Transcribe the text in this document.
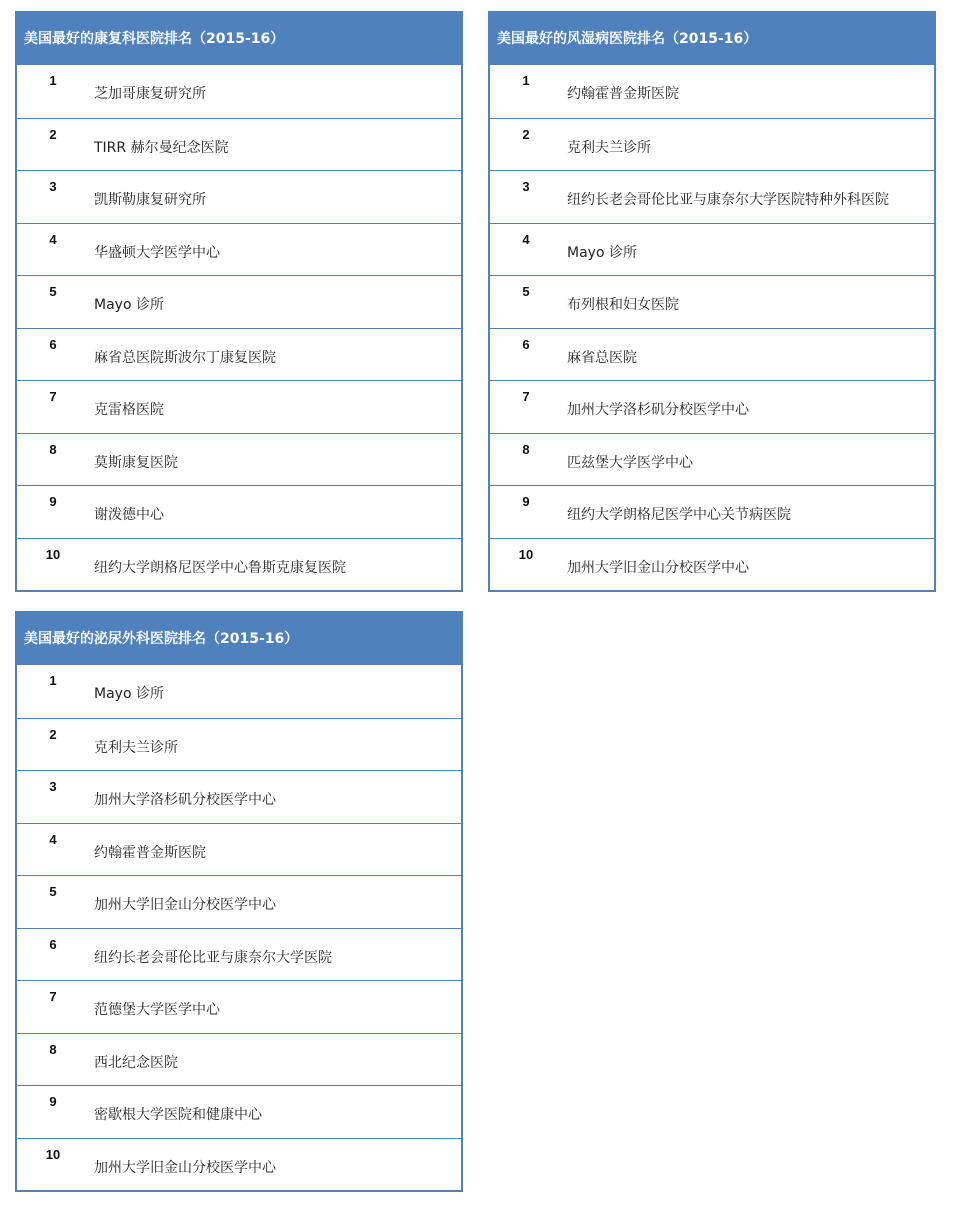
美国最好的康复科医院排名（2015-16）
1
芝加哥康复研究所
2
TIRR 赫尔曼纪念医院
3
凯斯勒康复研究所
4
华盛顿大学医学中心
5
Mayo 诊所
6
麻省总医院斯波尔丁康复医院
7
克雷格医院
8
莫斯康复医院
9
谢泼德中心
10
纽约大学朗格尼医学中心鲁斯克康复医院
美国最好的风湿病医院排名（2015-16）
1
约翰霍普金斯医院
2
克利夫兰诊所
3
纽约长老会哥伦比亚与康奈尔大学医院特种外科医院
4
Mayo 诊所
5
布列根和妇女医院
6
麻省总医院
7
加州大学洛杉矶分校医学中心
8
匹兹堡大学医学中心
9
纽约大学朗格尼医学中心关节病医院
10
加州大学旧金山分校医学中心
美国最好的泌尿外科医院排名（2015-16）
1
Mayo 诊所
2
克利夫兰诊所
3
加州大学洛杉矶分校医学中心
4
约翰霍普金斯医院
5
加州大学旧金山分校医学中心
6
纽约长老会哥伦比亚与康奈尔大学医院
7
范德堡大学医学中心
8
西北纪念医院
9
密歇根大学医院和健康中心
10
加州大学旧金山分校医学中心
